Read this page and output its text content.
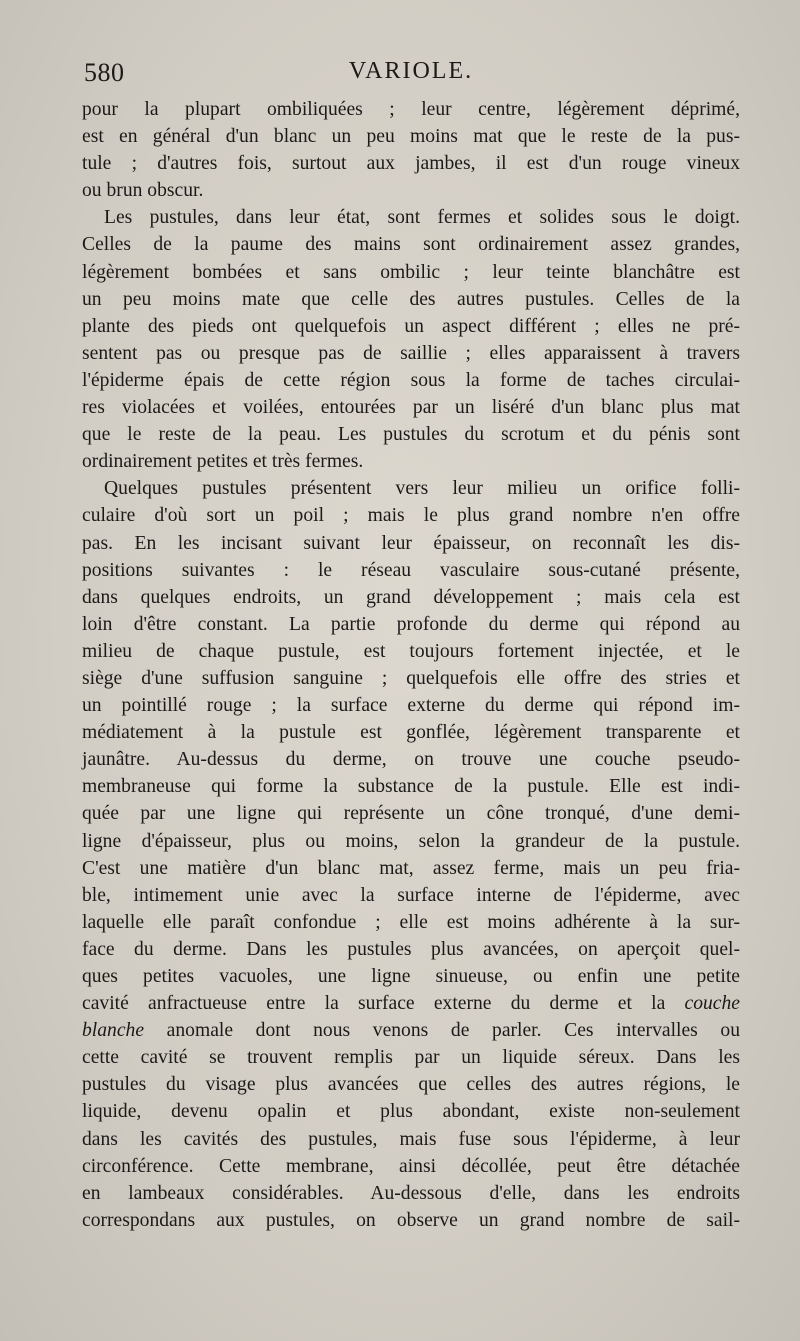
580	VARIOLE.
pour la plupart ombiliquées ; leur centre, légèrement déprimé,
est en général d'un blanc un peu moins mat que le reste de la pus-
tule ; d'autres fois, surtout aux jambes, il est d'un rouge vineux
ou brun obscur.
Les pustules, dans leur état, sont fermes et solides sous le doigt.
Celles de la paume des mains sont ordinairement assez grandes,
légèrement bombées et sans ombilic ; leur teinte blanchâtre est
un peu moins mate que celle des autres pustules. Celles de la
plante des pieds ont quelquefois un aspect différent ; elles ne pré-
sentent pas ou presque pas de saillie ; elles apparaissent à travers
l'épiderme épais de cette région sous la forme de taches circulai-
res violacées et voilées, entourées par un liséré d'un blanc plus mat
que le reste de la peau. Les pustules du scrotum et du pénis sont
ordinairement petites et très fermes.
Quelques pustules présentent vers leur milieu un orifice folli-
culaire d'où sort un poil ; mais le plus grand nombre n'en offre
pas. En les incisant suivant leur épaisseur, on reconnaît les dis-
positions suivantes : le réseau vasculaire sous-cutané présente,
dans quelques endroits, un grand développement ; mais cela est
loin d'être constant. La partie profonde du derme qui répond au
milieu de chaque pustule, est toujours fortement injectée, et le
siège d'une suffusion sanguine ; quelquefois elle offre des stries et
un pointillé rouge ; la surface externe du derme qui répond im-
médiatement à la pustule est gonflée, légèrement transparente et
jaunâtre. Au-dessus du derme, on trouve une couche pseudo-
membraneuse qui forme la substance de la pustule. Elle est indi-
quée par une ligne qui représente un cône tronqué, d'une demi-
ligne d'épaisseur, plus ou moins, selon la grandeur de la pustule.
C'est une matière d'un blanc mat, assez ferme, mais un peu fria-
ble, intimement unie avec la surface interne de l'épiderme, avec
laquelle elle paraît confondue ; elle est moins adhérente à la sur-
face du derme. Dans les pustules plus avancées, on aperçoit quel-
ques petites vacuoles, une ligne sinueuse, ou enfin une petite
cavité anfractueuse entre la surface externe du derme et la couche
blanche anomale dont nous venons de parler. Ces intervalles ou
cette cavité se trouvent remplis par un liquide séreux. Dans les
pustules du visage plus avancées que celles des autres régions, le
liquide, devenu opalin et plus abondant, existe non-seulement
dans les cavités des pustules, mais fuse sous l'épiderme, à leur
circonférence. Cette membrane, ainsi décollée, peut être détachée
en lambeaux considérables. Au-dessous d'elle, dans les endroits
correspondans aux pustules, on observe un grand nombre de sail-
